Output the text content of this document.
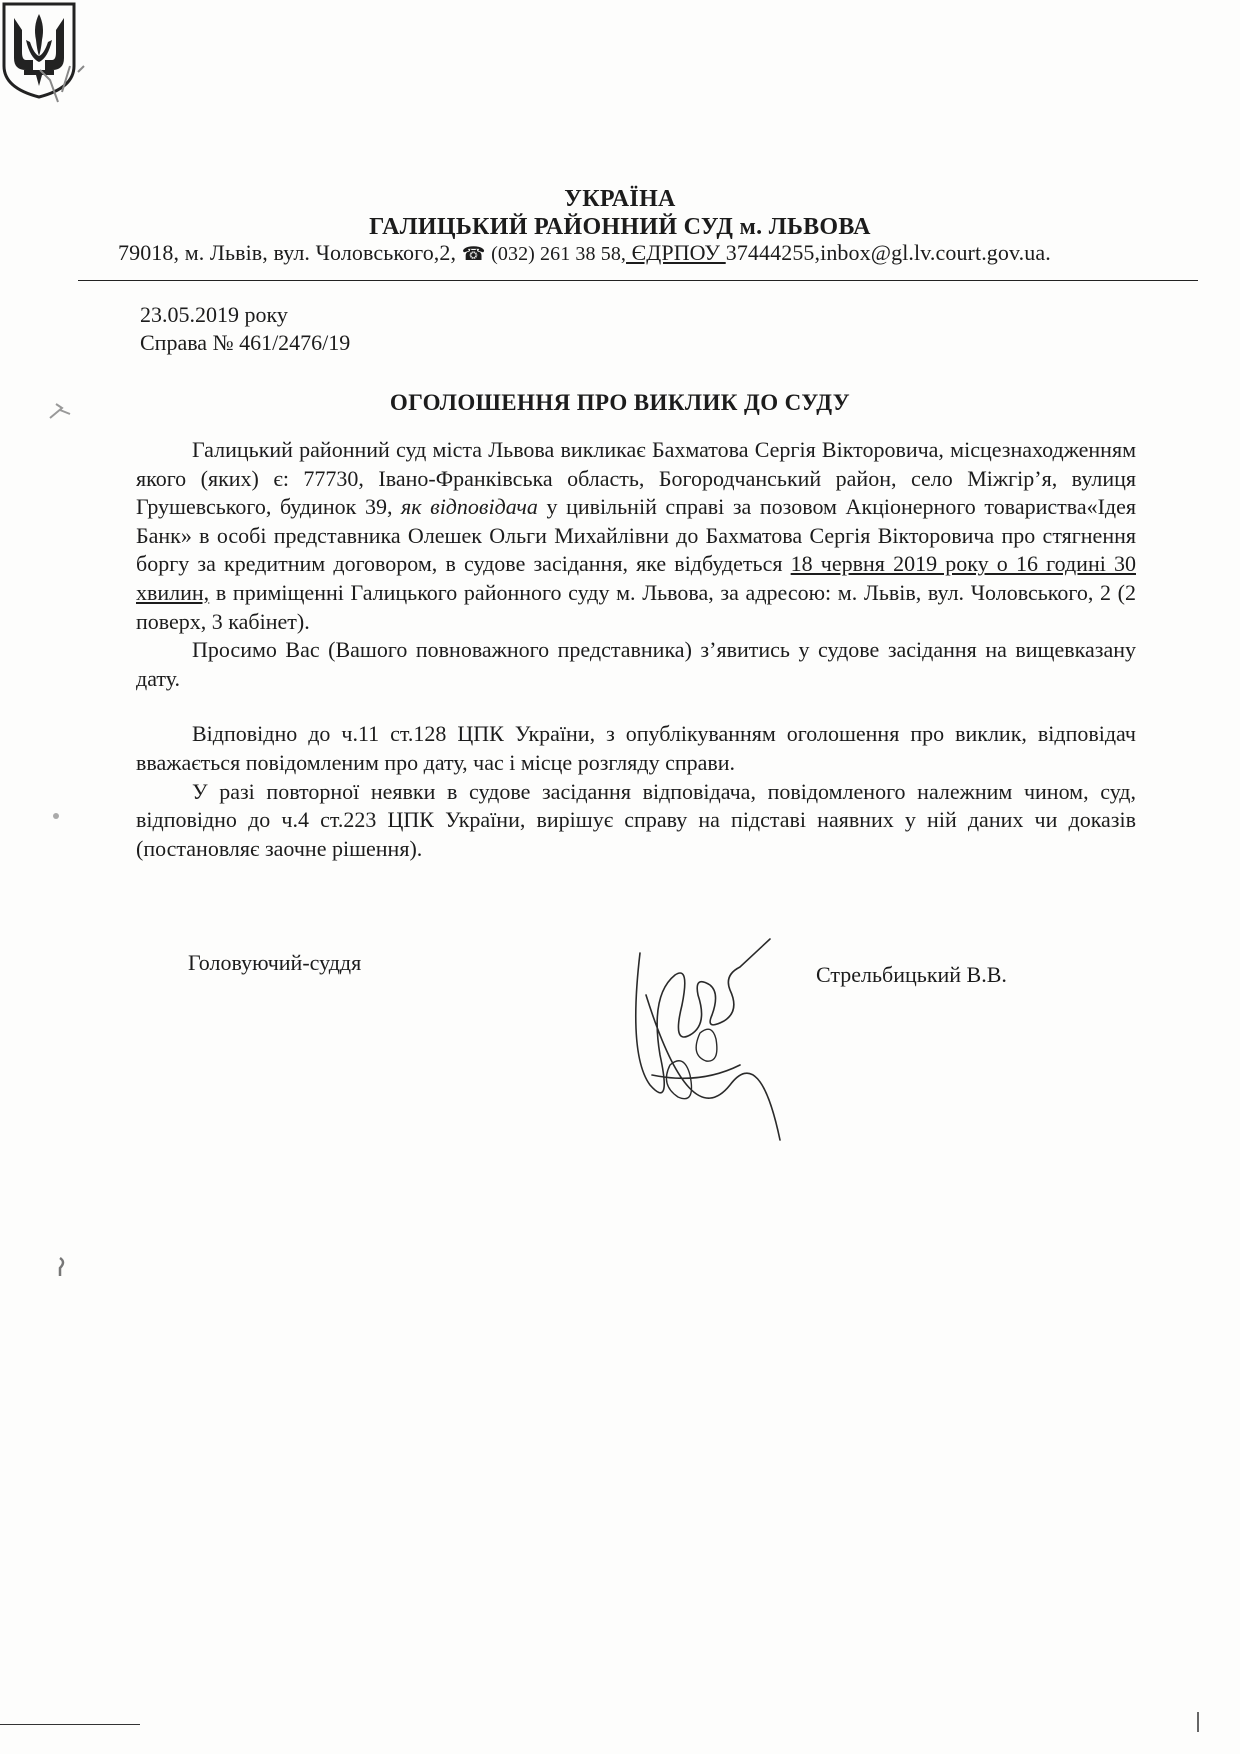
УКРАЇНА
ГАЛИЦЬКИЙ РАЙОННИЙ СУД м. ЛЬВОВА
79018, м. Львів, вул. Чоловського,2, ☎ (032) 261 38 58, ЄДРПОУ 37444255,inbox@gl.lv.court.gov.ua.
23.05.2019 року
Справа № 461/2476/19
ОГОЛОШЕННЯ ПРО ВИКЛИК ДО СУДУ

Галицький районний суд міста Львова викликає Бахматова Сергія Вікторовича, місцезнаходженням якого (яких) є: 77730, Івано-Франківська область, Богородчанський район, село Міжгір’я, вулиця Грушевського, будинок 39, як відповідача у цивільній справі за позовом Акціонерного товариства«Ідея Банк» в особі представника Олешек Ольги Михайлівни до Бахматова Сергія Вікторовича про стягнення боргу за кредитним договором, в судове засідання, яке відбудеться 18 червня 2019 року о 16 годині 30 хвилин, в приміщенні Галицького районного суду м. Львова, за адресою: м. Львів, вул. Чоловського, 2 (2 поверх, 3 кабінет).

Просимо Вас (Вашого повноважного представника) з’явитись у судове засідання на вищевказану дату.

Відповідно до ч.11 ст.128 ЦПК України, з опублікуванням оголошення про виклик, відповідач вважається повідомленим про дату, час і місце розгляду справи.

У разі повторної неявки в судове засідання відповідача, повідомленого належним чином, суд, відповідно до ч.4 ст.223 ЦПК України, вирішує справу на підставі наявних у ній даних чи доказів (постановляє заочне рішення).

Головуючий-суддя	Стрельбицький В.В.
